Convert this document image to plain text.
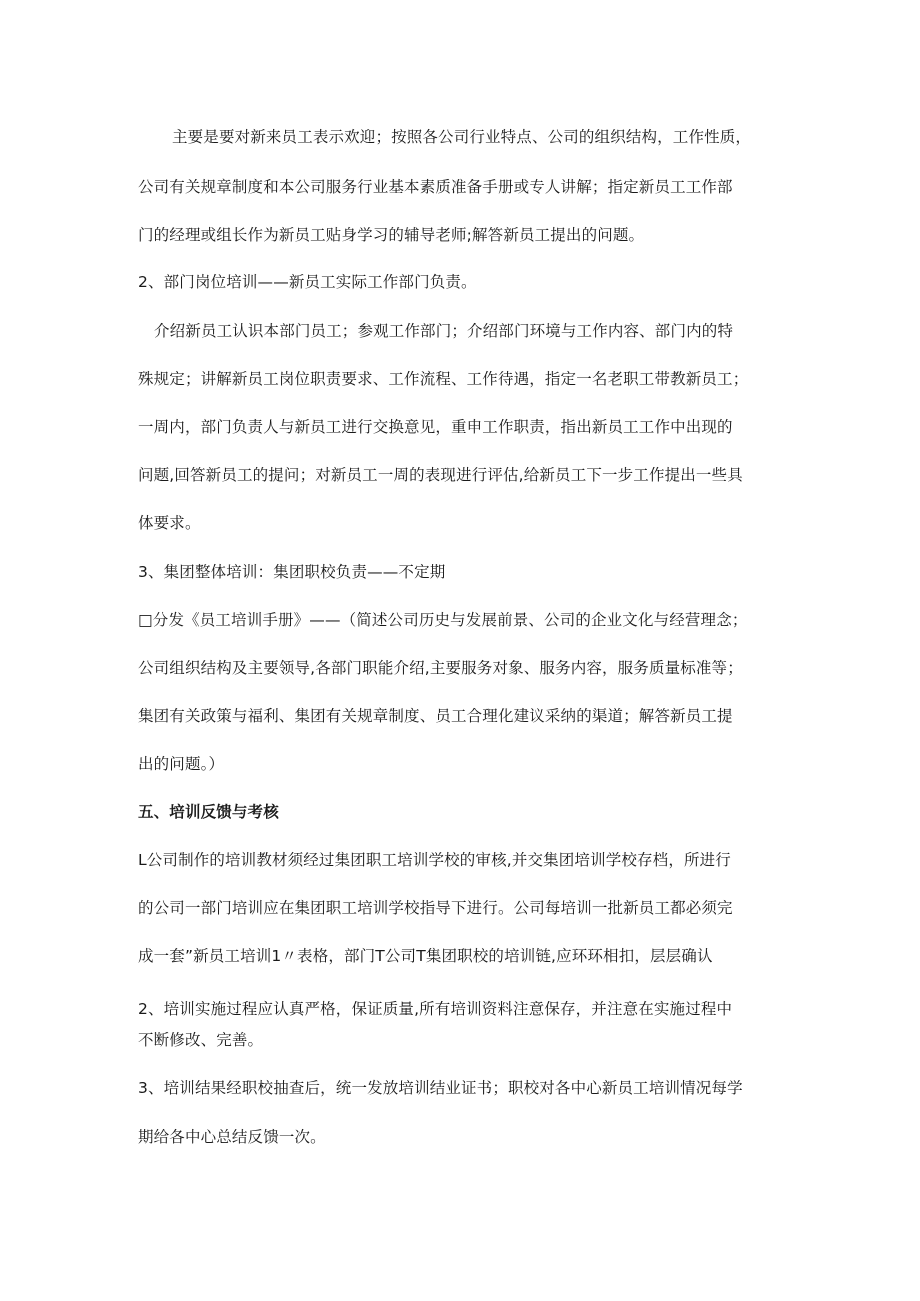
主要是要对新来员工表示欢迎；按照各公司行业特点、公司的组织结构，工作性质，
公司有关规章制度和本公司服务行业基本素质准备手册或专人讲解；指定新员工工作部
门的经理或组长作为新员工贴身学习的辅导老师;解答新员工提出的问题。
2、部门岗位培训——新员工实际工作部门负责。
介绍新员工认识本部门员工；参观工作部门；介绍部门环境与工作内容、部门内的特
殊规定；讲解新员工岗位职责要求、工作流程、工作待遇，指定一名老职工带教新员工；
一周内，部门负责人与新员工进行交换意见，重申工作职责，指出新员工工作中出现的
问题,回答新员工的提问；对新员工一周的表现进行评估,给新员工下一步工作提出一些具
体要求。
3、集团整体培训：集团职校负责——不定期
□分发《员工培训手册》——（简述公司历史与发展前景、公司的企业文化与经营理念；
公司组织结构及主要领导,各部门职能介绍,主要服务对象、服务内容，服务质量标准等；
集团有关政策与福利、集团有关规章制度、员工合理化建议采纳的渠道；解答新员工提
出的问题。）
五、培训反馈与考核
L公司制作的培训教材须经过集团职工培训学校的审核,并交集团培训学校存档，所进行
的公司一部门培训应在集团职工培训学校指导下进行。公司每培训一批新员工都必须完
成一套”新员工培训1〃表格，部门T公司T集团职校的培训链,应环环相扣，层层确认
2、培训实施过程应认真严格，保证质量,所有培训资料注意保存，并注意在实施过程中
不断修改、完善。
3、培训结果经职校抽查后，统一发放培训结业证书；职校对各中心新员工培训情况每学
期给各中心总结反馈一次。
